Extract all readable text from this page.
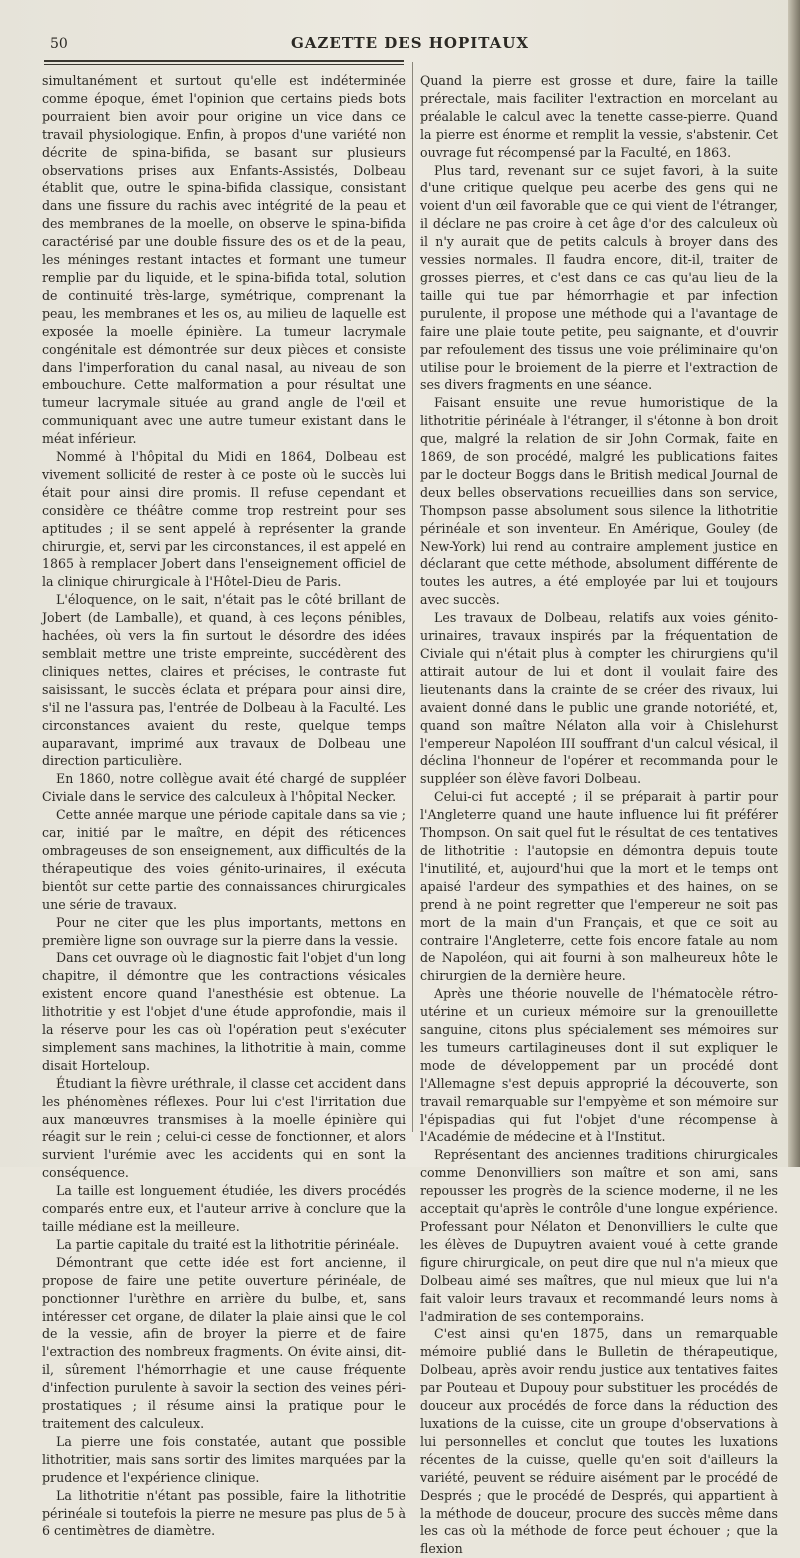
50	GAZETTE DES HOPITAUX

simultanément et surtout qu'elle est indéterminée comme époque, émet l'opinion que certains pieds bots pourraient bien avoir pour origine un vice dans ce travail physiologique. Enfin, à propos d'une variété non décrite de spina-bifida, se basant sur plusieurs observations prises aux Enfants-Assistés, Dolbeau établit que, outre le spina-bifida classique, consistant dans une fissure du rachis avec intégrité de la peau et des membranes de la moelle, on observe le spina-bifida caractérisé par une double fissure des os et de la peau, les méninges restant intactes et formant une tumeur remplie par du liquide, et le spina-bifida total, solution de continuité très-large, symétrique, comprenant la peau, les membranes et les os, au milieu de laquelle est exposée la moelle épinière. La tumeur lacrymale congénitale est démontrée sur deux pièces et consiste dans l'imperforation du canal nasal, au niveau de son embouchure. Cette malformation a pour résultat une tumeur lacrymale située au grand angle de l'œil et communiquant avec une autre tumeur existant dans le méat inférieur.

Nommé à l'hôpital du Midi en 1864, Dolbeau est vivement sollicité de rester à ce poste où le succès lui était pour ainsi dire promis. Il refuse cependant et considère ce théâtre comme trop restreint pour ses aptitudes ; il se sent appelé à représenter la grande chirurgie, et, servi par les circonstances, il est appelé en 1865 à remplacer Jobert dans l'enseignement officiel de la clinique chirurgicale à l'Hôtel-Dieu de Paris.

L'éloquence, on le sait, n'était pas le côté brillant de Jobert (de Lamballe), et quand, à ces leçons pénibles, hachées, où vers la fin surtout le désordre des idées semblait mettre une triste empreinte, succédèrent des cliniques nettes, claires et précises, le contraste fut saisissant, le succès éclata et prépara pour ainsi dire, s'il ne l'assura pas, l'entrée de Dolbeau à la Faculté. Les circonstances avaient du reste, quelque temps auparavant, imprimé aux travaux de Dolbeau une direction particulière.

En 1860, notre collègue avait été chargé de suppléer Civiale dans le service des calculeux à l'hôpital Necker.

Cette année marque une période capitale dans sa vie ; car, initié par le maître, en dépit des réticences ombrageuses de son enseignement, aux difficultés de la thérapeutique des voies génito-urinaires, il exécuta bientôt sur cette partie des connaissances chirurgicales une série de travaux.

Pour ne citer que les plus importants, mettons en première ligne son ouvrage sur la pierre dans la vessie.

Dans cet ouvrage où le diagnostic fait l'objet d'un long chapitre, il démontre que les contractions vésicales existent encore quand l'anesthésie est obtenue. La lithotritie y est l'objet d'une étude approfondie, mais il la réserve pour les cas où l'opération peut s'exécuter simplement sans machines, la lithotritie à main, comme disait Horteloup.

Étudiant la fièvre uréthrale, il classe cet accident dans les phénomènes réflexes. Pour lui c'est l'irritation due aux manœuvres transmises à la moelle épinière qui réagit sur le rein ; celui-ci cesse de fonctionner, et alors survient l'urémie avec les accidents qui en sont la conséquence.

La taille est longuement étudiée, les divers procédés comparés entre eux, et l'auteur arrive à conclure que la taille médiane est la meilleure.

La partie capitale du traité est la lithotritie périnéale.

Démontrant que cette idée est fort ancienne, il propose de faire une petite ouverture périnéale, de ponctionner l'urèthre en arrière du bulbe, et, sans intéresser cet organe, de dilater la plaie ainsi que le col de la vessie, afin de broyer la pierre et de faire l'extraction des nombreux fragments. On évite ainsi, dit-il, sûrement l'hémorrhagie et une cause fréquente d'infection purulente à savoir la section des veines péri-prostatiques ; il résume ainsi la pratique pour le traitement des calculeux.

La pierre une fois constatée, autant que possible lithotritier, mais sans sortir des limites marquées par la prudence et l'expérience clinique.

La lithotritie n'étant pas possible, faire la lithotritie périnéale si toutefois la pierre ne mesure pas plus de 5 à 6 centimètres de diamètre.

Quand la pierre est grosse et dure, faire la taille prérectale, mais faciliter l'extraction en morcelant au préalable le calcul avec la tenette casse-pierre. Quand la pierre est énorme et remplit la vessie, s'abstenir. Cet ouvrage fut récompensé par la Faculté, en 1863.

Plus tard, revenant sur ce sujet favori, à la suite d'une critique quelque peu acerbe des gens qui ne voient d'un œil favorable que ce qui vient de l'étranger, il déclare ne pas croire à cet âge d'or des calculeux où il n'y aurait que de petits calculs à broyer dans des vessies normales. Il faudra encore, dit-il, traiter de grosses pierres, et c'est dans ce cas qu'au lieu de la taille qui tue par hémorrhagie et par infection purulente, il propose une méthode qui a l'avantage de faire une plaie toute petite, peu saignante, et d'ouvrir par refoulement des tissus une voie préliminaire qu'on utilise pour le broiement de la pierre et l'extraction de ses divers fragments en une séance.

Faisant ensuite une revue humoristique de la lithotritie périnéale à l'étranger, il s'étonne à bon droit que, malgré la relation de sir John Cormak, faite en 1869, de son procédé, malgré les publications faites par le docteur Boggs dans le British medical Journal de deux belles observations recueillies dans son service, Thompson passe absolument sous silence la lithotritie périnéale et son inventeur. En Amérique, Gouley (de New-York) lui rend au contraire amplement justice en déclarant que cette méthode, absolument différente de toutes les autres, a été employée par lui et toujours avec succès.

Les travaux de Dolbeau, relatifs aux voies génito-urinaires, travaux inspirés par la fréquentation de Civiale qui n'était plus à compter les chirurgiens qu'il attirait autour de lui et dont il voulait faire des lieutenants dans la crainte de se créer des rivaux, lui avaient donné dans le public une grande notoriété, et, quand son maître Nélaton alla voir à Chislehurst l'empereur Napoléon III souffrant d'un calcul vésical, il déclina l'honneur de l'opérer et recommanda pour le suppléer son élève favori Dolbeau.

Celui-ci fut accepté ; il se préparait à partir pour l'Angleterre quand une haute influence lui fit préférer Thompson. On sait quel fut le résultat de ces tentatives de lithotritie : l'autopsie en démontra depuis toute l'inutilité, et, aujourd'hui que la mort et le temps ont apaisé l'ardeur des sympathies et des haines, on se prend à ne point regretter que l'empereur ne soit pas mort de la main d'un Français, et que ce soit au contraire l'Angleterre, cette fois encore fatale au nom de Napoléon, qui ait fourni à son malheureux hôte le chirurgien de la dernière heure.

Après une théorie nouvelle de l'hématocèle rétro-utérine et un curieux mémoire sur la grenouillette sanguine, citons plus spécialement ses mémoires sur les tumeurs cartilagineuses dont il sut expliquer le mode de développement par un procédé dont l'Allemagne s'est depuis approprié la découverte, son travail remarquable sur l'empyème et son mémoire sur l'épispadias qui fut l'objet d'une récompense à l'Académie de médecine et à l'Institut.

Représentant des anciennes traditions chirurgicales comme Denonvilliers son maître et son ami, sans repousser les progrès de la science moderne, il ne les acceptait qu'après le contrôle d'une longue expérience. Professant pour Nélaton et Denonvilliers le culte que les élèves de Dupuytren avaient voué à cette grande figure chirurgicale, on peut dire que nul n'a mieux que Dolbeau aimé ses maîtres, que nul mieux que lui n'a fait valoir leurs travaux et recommandé leurs noms à l'admiration de ses contemporains.

C'est ainsi qu'en 1875, dans un remarquable mémoire publié dans le Bulletin de thérapeutique, Dolbeau, après avoir rendu justice aux tentatives faites par Pouteau et Dupouy pour substituer les procédés de douceur aux procédés de force dans la réduction des luxations de la cuisse, cite un groupe d'observations à lui personnelles et conclut que toutes les luxations récentes de la cuisse, quelle qu'en soit d'ailleurs la variété, peuvent se réduire aisément par le procédé de Després ; que le procédé de Després, qui appartient à la méthode de douceur, procure des succès même dans les cas où la méthode de force peut échouer ; que la flexion
